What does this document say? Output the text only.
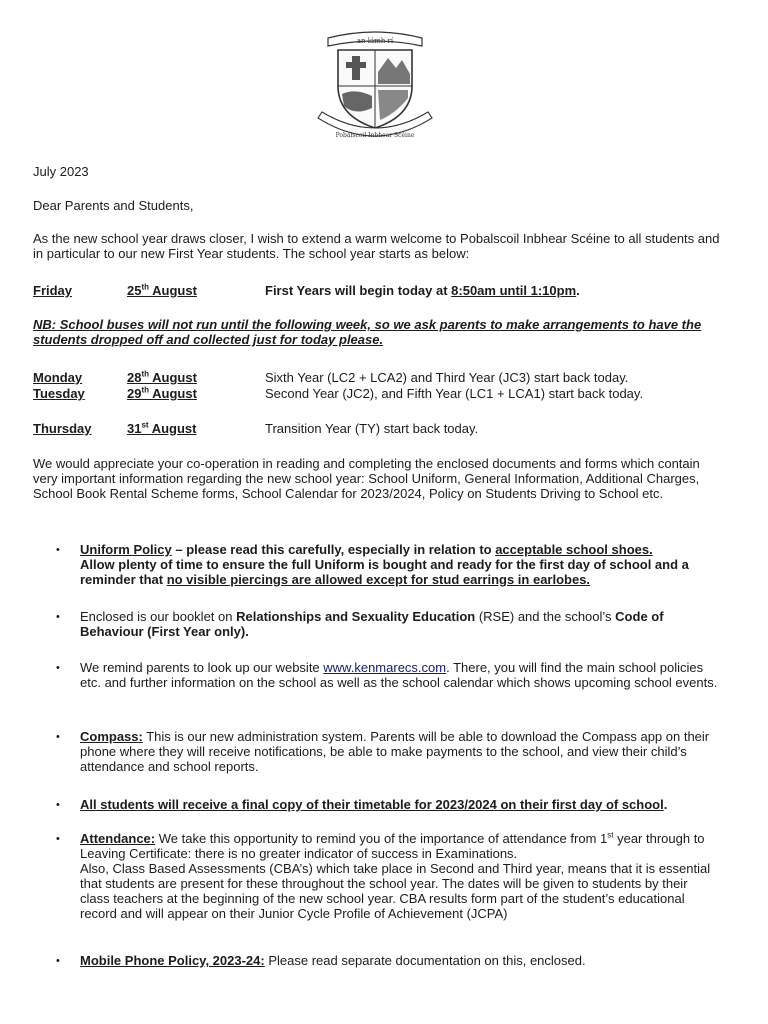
an lámh rí
Pobalscoil Inbhear Scéine
July 2023
Dear Parents and Students,
As the new school year draws closer, I wish to extend a warm welcome to Pobalscoil Inbhear Scéine to all students and in particular to our new First Year students. The school year starts as below:
Friday	25th August	First Years will begin today at 8:50am until 1:10pm.
NB: School buses will not run until the following week, so we ask parents to make arrangements to have the students dropped off and collected just for today please.
Monday	28th August	Sixth Year (LC2 + LCA2) and Third Year (JC3) start back today.
Tuesday	29th August	Second Year (JC2), and Fifth Year (LC1 + LCA1) start back today.
Thursday	31st August	Transition Year (TY) start back today.
We would appreciate your co-operation in reading and completing the enclosed documents and forms which contain very important information regarding the new school year: School Uniform, General Information, Additional Charges, School Book Rental Scheme forms, School Calendar for 2023/2024, Policy on Students Driving to School etc.
• Uniform Policy – please read this carefully, especially in relation to acceptable school shoes.
Allow plenty of time to ensure the full Uniform is bought and ready for the first day of school and a reminder that no visible piercings are allowed except for stud earrings in earlobes.
• Enclosed is our booklet on Relationships and Sexuality Education (RSE) and the school’s Code of Behaviour (First Year only).
• We remind parents to look up our website www.kenmarecs.com. There, you will find the main school policies etc. and further information on the school as well as the school calendar which shows upcoming school events.
• Compass: This is our new administration system. Parents will be able to download the Compass app on their phone where they will receive notifications, be able to make payments to the school, and view their child’s attendance and school reports.
• All students will receive a final copy of their timetable for 2023/2024 on their first day of school.
• Attendance: We take this opportunity to remind you of the importance of attendance from 1st year through to Leaving Certificate: there is no greater indicator of success in Examinations.
Also, Class Based Assessments (CBA’s) which take place in Second and Third year, means that it is essential that students are present for these throughout the school year. The dates will be given to students by their class teachers at the beginning of the new school year. CBA results form part of the student’s educational record and will appear on their Junior Cycle Profile of Achievement (JCPA)
• Mobile Phone Policy, 2023-24: Please read separate documentation on this, enclosed.
